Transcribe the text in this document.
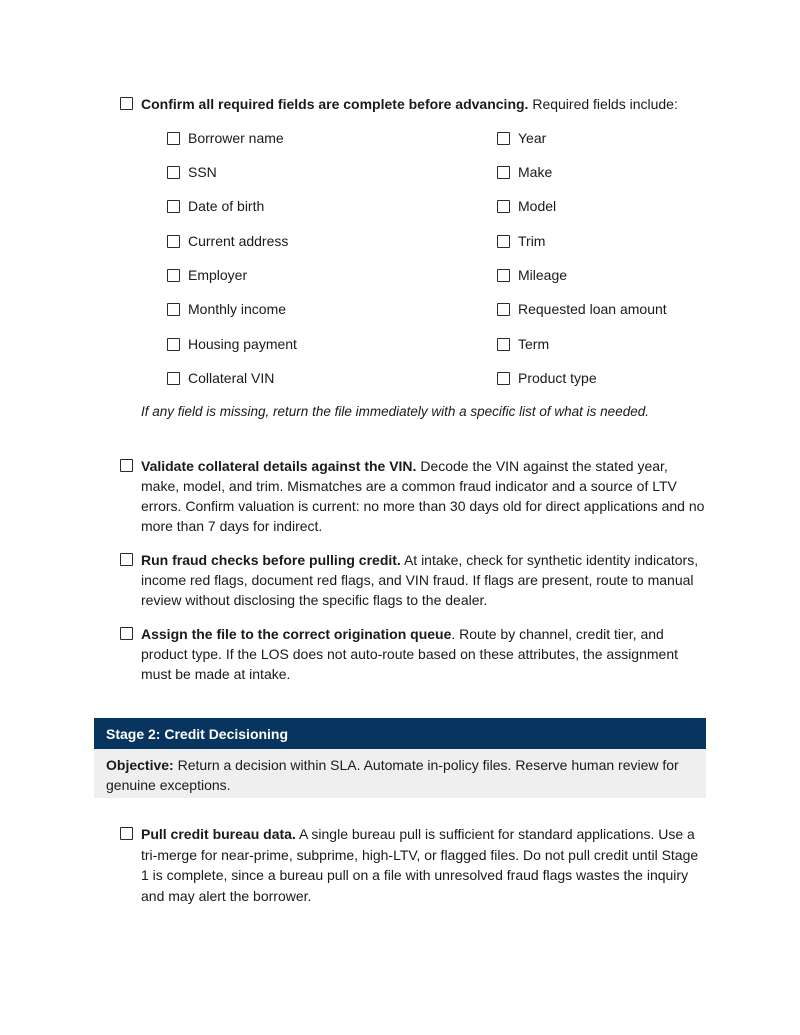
Confirm all required fields are complete before advancing. Required fields include:
Borrower name
SSN
Date of birth
Current address
Employer
Monthly income
Housing payment
Collateral VIN
Year
Make
Model
Trim
Mileage
Requested loan amount
Term
Product type
If any field is missing, return the file immediately with a specific list of what is needed.
Validate collateral details against the VIN. Decode the VIN against the stated year, make, model, and trim. Mismatches are a common fraud indicator and a source of LTV errors. Confirm valuation is current: no more than 30 days old for direct applications and no more than 7 days for indirect.
Run fraud checks before pulling credit. At intake, check for synthetic identity indicators, income red flags, document red flags, and VIN fraud. If flags are present, route to manual review without disclosing the specific flags to the dealer.
Assign the file to the correct origination queue. Route by channel, credit tier, and product type. If the LOS does not auto-route based on these attributes, the assignment must be made at intake.
Stage 2: Credit Decisioning
Objective: Return a decision within SLA. Automate in-policy files. Reserve human review for genuine exceptions.
Pull credit bureau data. A single bureau pull is sufficient for standard applications. Use a tri-merge for near-prime, subprime, high-LTV, or flagged files. Do not pull credit until Stage 1 is complete, since a bureau pull on a file with unresolved fraud flags wastes the inquiry and may alert the borrower.
